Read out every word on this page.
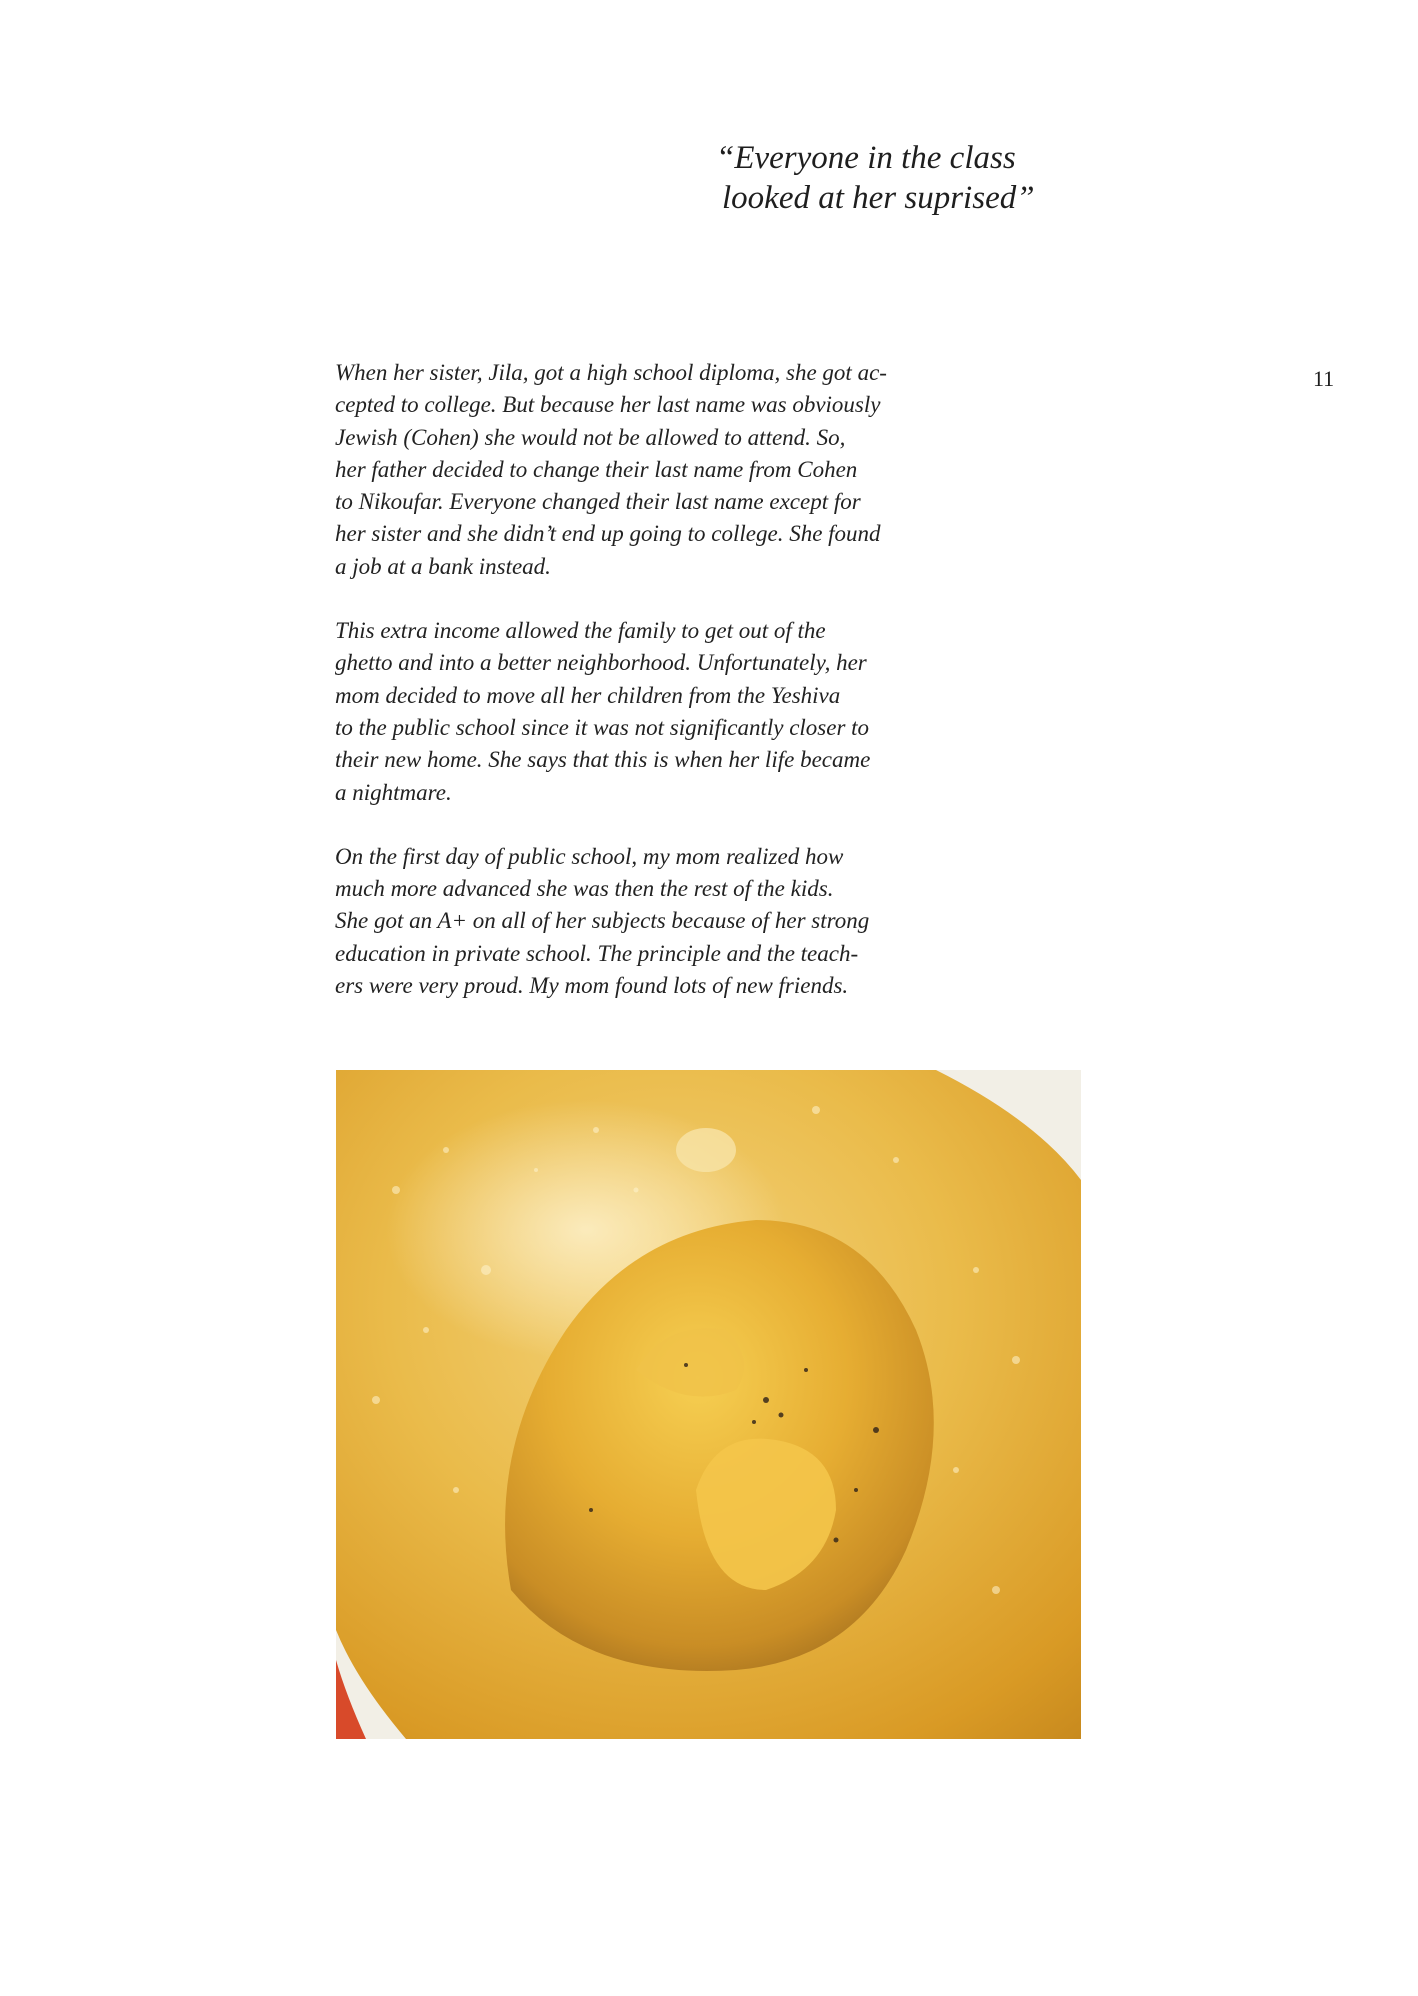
“Everyone in the class
looked at her suprised”
11

When her sister, Jila, got a high school diploma, she got ac-
cepted to college. But because her last name was obviously
Jewish (Cohen) she would not be allowed to attend. So,
her father decided to change their last name from Cohen
to Nikoufar. Everyone changed their last name except for
her sister and she didn’t end up going to college. She found
a job at a bank instead.

This extra income allowed the family to get out of the
ghetto and into a better neighborhood. Unfortunately, her
mom decided to move all her children from the Yeshiva
to the public school since it was not significantly closer to
their new home. She says that this is when her life became
a nightmare.

On the first day of public school, my mom realized how
much more advanced she was then the rest of the kids.
She got an A+ on all of her subjects because of her strong
education in private school. The principle and the teach-
ers were very proud. My mom found lots of new friends.
